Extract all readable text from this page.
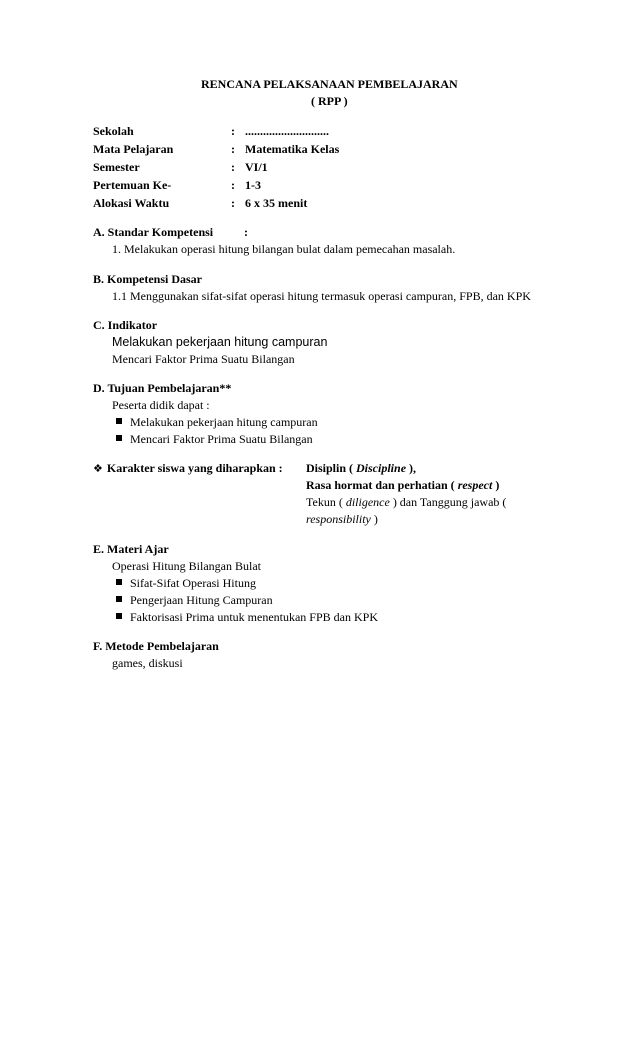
RENCANA PELAKSANAAN PEMBELAJARAN
( RPP )
Sekolah	: ............................
Mata Pelajaran	: Matematika Kelas
Semester	: VI/1
Pertemuan Ke-	: 1-3
Alokasi Waktu	: 6 x 35 menit
A. Standar Kompetensi	:
1. Melakukan operasi hitung bilangan bulat dalam pemecahan masalah.
B. Kompetensi Dasar
1.1 Menggunakan sifat-sifat operasi hitung termasuk operasi campuran, FPB, dan KPK
C. Indikator
Melakukan pekerjaan hitung campuran
Mencari Faktor Prima Suatu Bilangan
D. Tujuan Pembelajaran**
Peserta didik dapat :
Melakukan pekerjaan hitung campuran
Mencari Faktor Prima Suatu Bilangan
❖ Karakter siswa yang diharapkan : Disiplin ( Discipline ),
Rasa hormat dan perhatian ( respect )
Tekun ( diligence ) dan Tanggung jawab (
responsibility )
E. Materi Ajar
Operasi Hitung Bilangan Bulat
Sifat-Sifat Operasi Hitung
Pengerjaan Hitung Campuran
Faktorisasi Prima untuk menentukan FPB dan KPK
F. Metode Pembelajaran
games, diskusi
